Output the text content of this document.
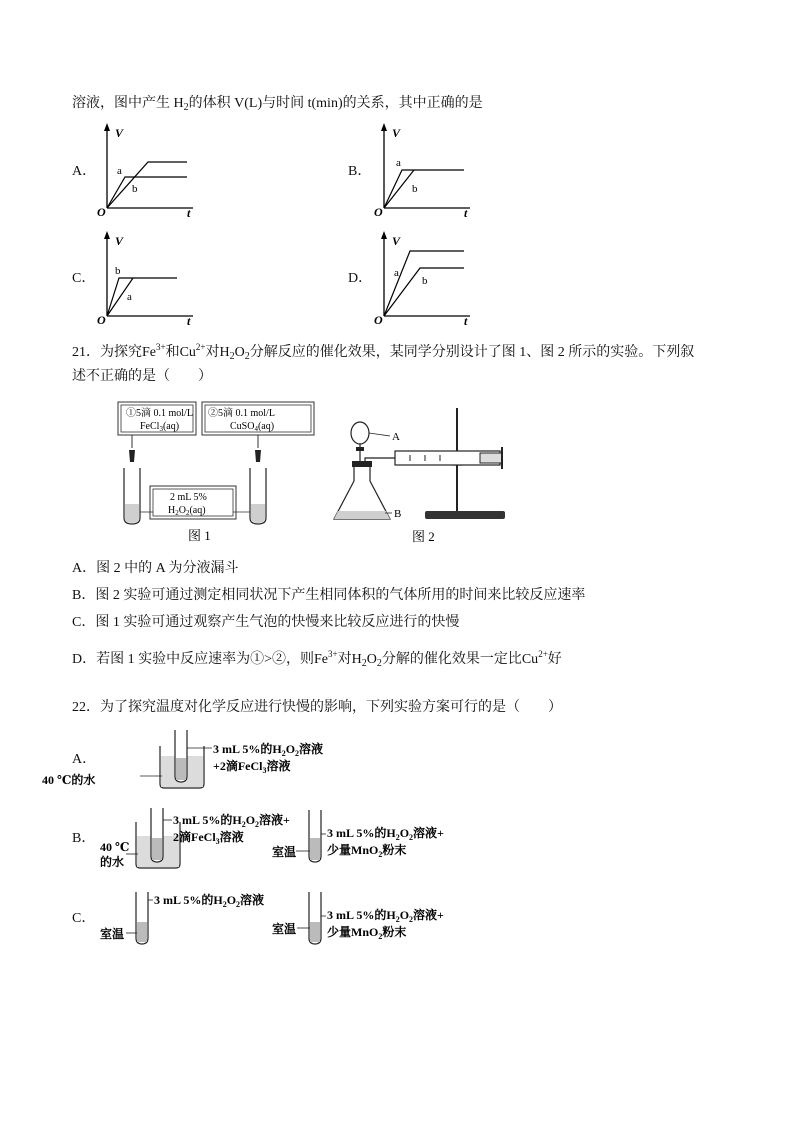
溶液，图中产生 $H_2$的体积 V(L)与时间 t(min)的关系，其中正确的是
A．	B．
C．	D．
V
O	t
a
b
V
O	t
a
b
V
O	t
b
a
V
O	t
a
b
21．为探究$Fe^{3+}$和$Cu^{2+}$对$H_2O_2$分解反应的催化效果，某同学分别设计了图 1、图 2 所示的实验。下列叙
述不正确的是（　　）
①5滴 0.1 mol/L
FeCl$_3$(aq)
②5滴 0.1 mol/L
CuSO$_4$(aq)
2 mL 5%
$H_2O_2(aq)$
图 1
A
B
图 2
A．图 2 中的 A 为分液漏斗
B．图 2 实验可通过测定相同状况下产生相同体积的气体所用的时间来比较反应速率
C．图 1 实验可通过观察产生气泡的快慢来比较反应进行的快慢
D．若图 1 实验中反应速率为①>②，则$Fe^{3+}$对$H_2O_2$分解的催化效果一定比$Cu^{2+}$好
22．为了探究温度对化学反应进行快慢的影响，下列实验方案可行的是（　　）
A．
3 mL 5%的$H_2O_2$溶液
+2滴FeCl$_3$溶液
40 ℃的水
B．
3 mL 5%的$H_2O_2$溶液+
2滴FeCl$_3$溶液
40 ℃
的水
3 mL 5%的$H_2O_2$溶液+
少量MnO$_2$粉末
室温
C．
3 mL 5%的$H_2O_2$溶液
室温
3 mL 5%的$H_2O_2$溶液+
少量MnO$_2$粉末
室温
